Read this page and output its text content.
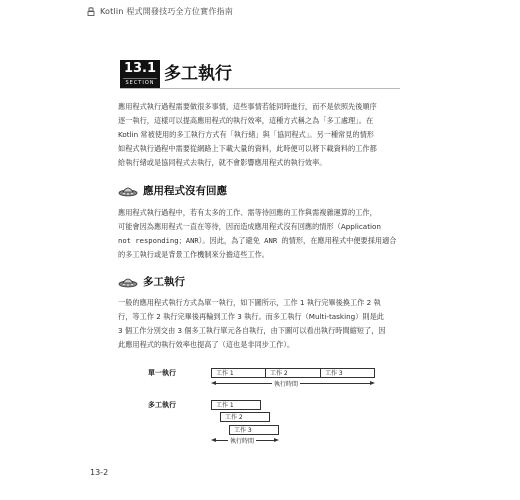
Kotlin 程式開發技巧全方位實作指南
13.1
SECTION 多工執行

應用程式執行過程需要做很多事情，這些事情若能同時進行，而不是依照先後順序
逐一執行，這樣可以提高應用程式的執行效率，這種方式稱之為「多工處理」。在
Kotlin 常被使用的多工執行方式有「執行緒」與「協同程式」。另一種常見的情形
如程式執行過程中需要從網路上下載大量的資料，此時便可以將下載資料的工作都
給執行緒或是協同程式去執行，就不會影響應用程式的執行效率。

應用程式沒有回應

應用程式執行過程中，若有太多的工作、需等待回應的工作與需複雜運算的工作，
可能會因為應用程式一直在等待，因而造成應用程式沒有回應的情形（Application
not responding；ANR）。因此，為了避免 ANR 的情形，在應用程式中便要採用適合
的多工執行或是背景工作機制來分擔這些工作。

多工執行

一般的應用程式執行方式為單一執行，如下圖所示，工作 1 執行完畢後換工作 2 執
行，等工作 2 執行完畢後再輪到工作 3 執行。而多工執行（Multi-tasking）則是此
3 個工作分別交由 3 個多工執行單元各自執行，由下圖可以看出執行時間縮短了，因
此應用程式的執行效率也提高了（這也是非同步工作）。

單一執行	工作 1	工作 2	工作 3
執行時間
多工執行	工作 1
工作 2
工作 3
執行時間
13-2
